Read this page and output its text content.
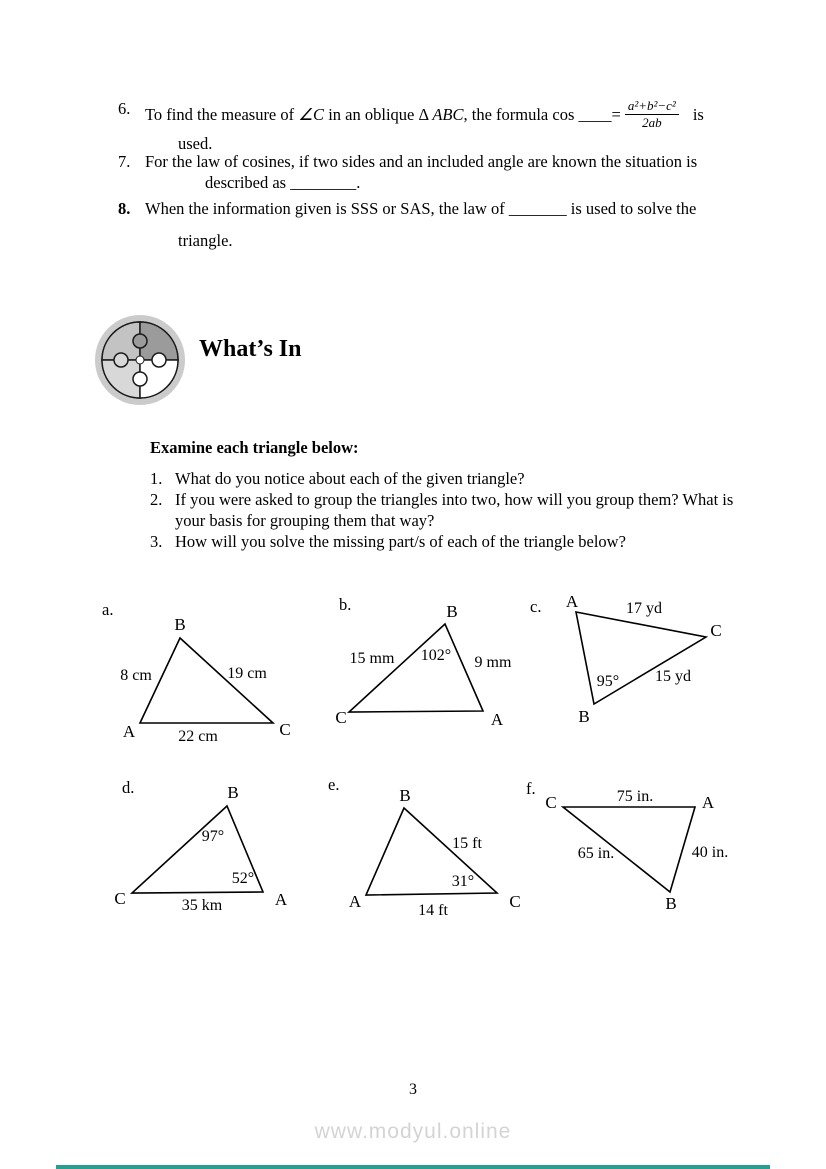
6. To find the measure of ∠C in an oblique Δ ABC , the formula cos ____ = $\frac{\text{a²+b²−c²}}{2ab}$ is
used.
7. For the law of cosines, if two sides and an included angle are known the situation is
described as ________.
8. When the information given is SSS or SAS, the law of _______ is used to solve the
triangle.
What’s In
Examine each triangle below:
1. What do you notice about each of the given triangle?
2. If you were asked to group the triangles into two, how will you group them? What is your basis for grouping them that way?
3. How will you solve the missing part/s of each of the triangle below?
a.
B
A	C
8 cm	19 cm
22 cm
b.	B
C	A
15 mm 102° 9 mm
c. A
C
B
17 yd
95° 15 yd
d.	B
C	A
97°
52°
35 km
e.
B
A	C
15 ft
31°
14 ft
f.
C	A
B
75 in.
65 in.	40 in.
3
www.modyul.online
